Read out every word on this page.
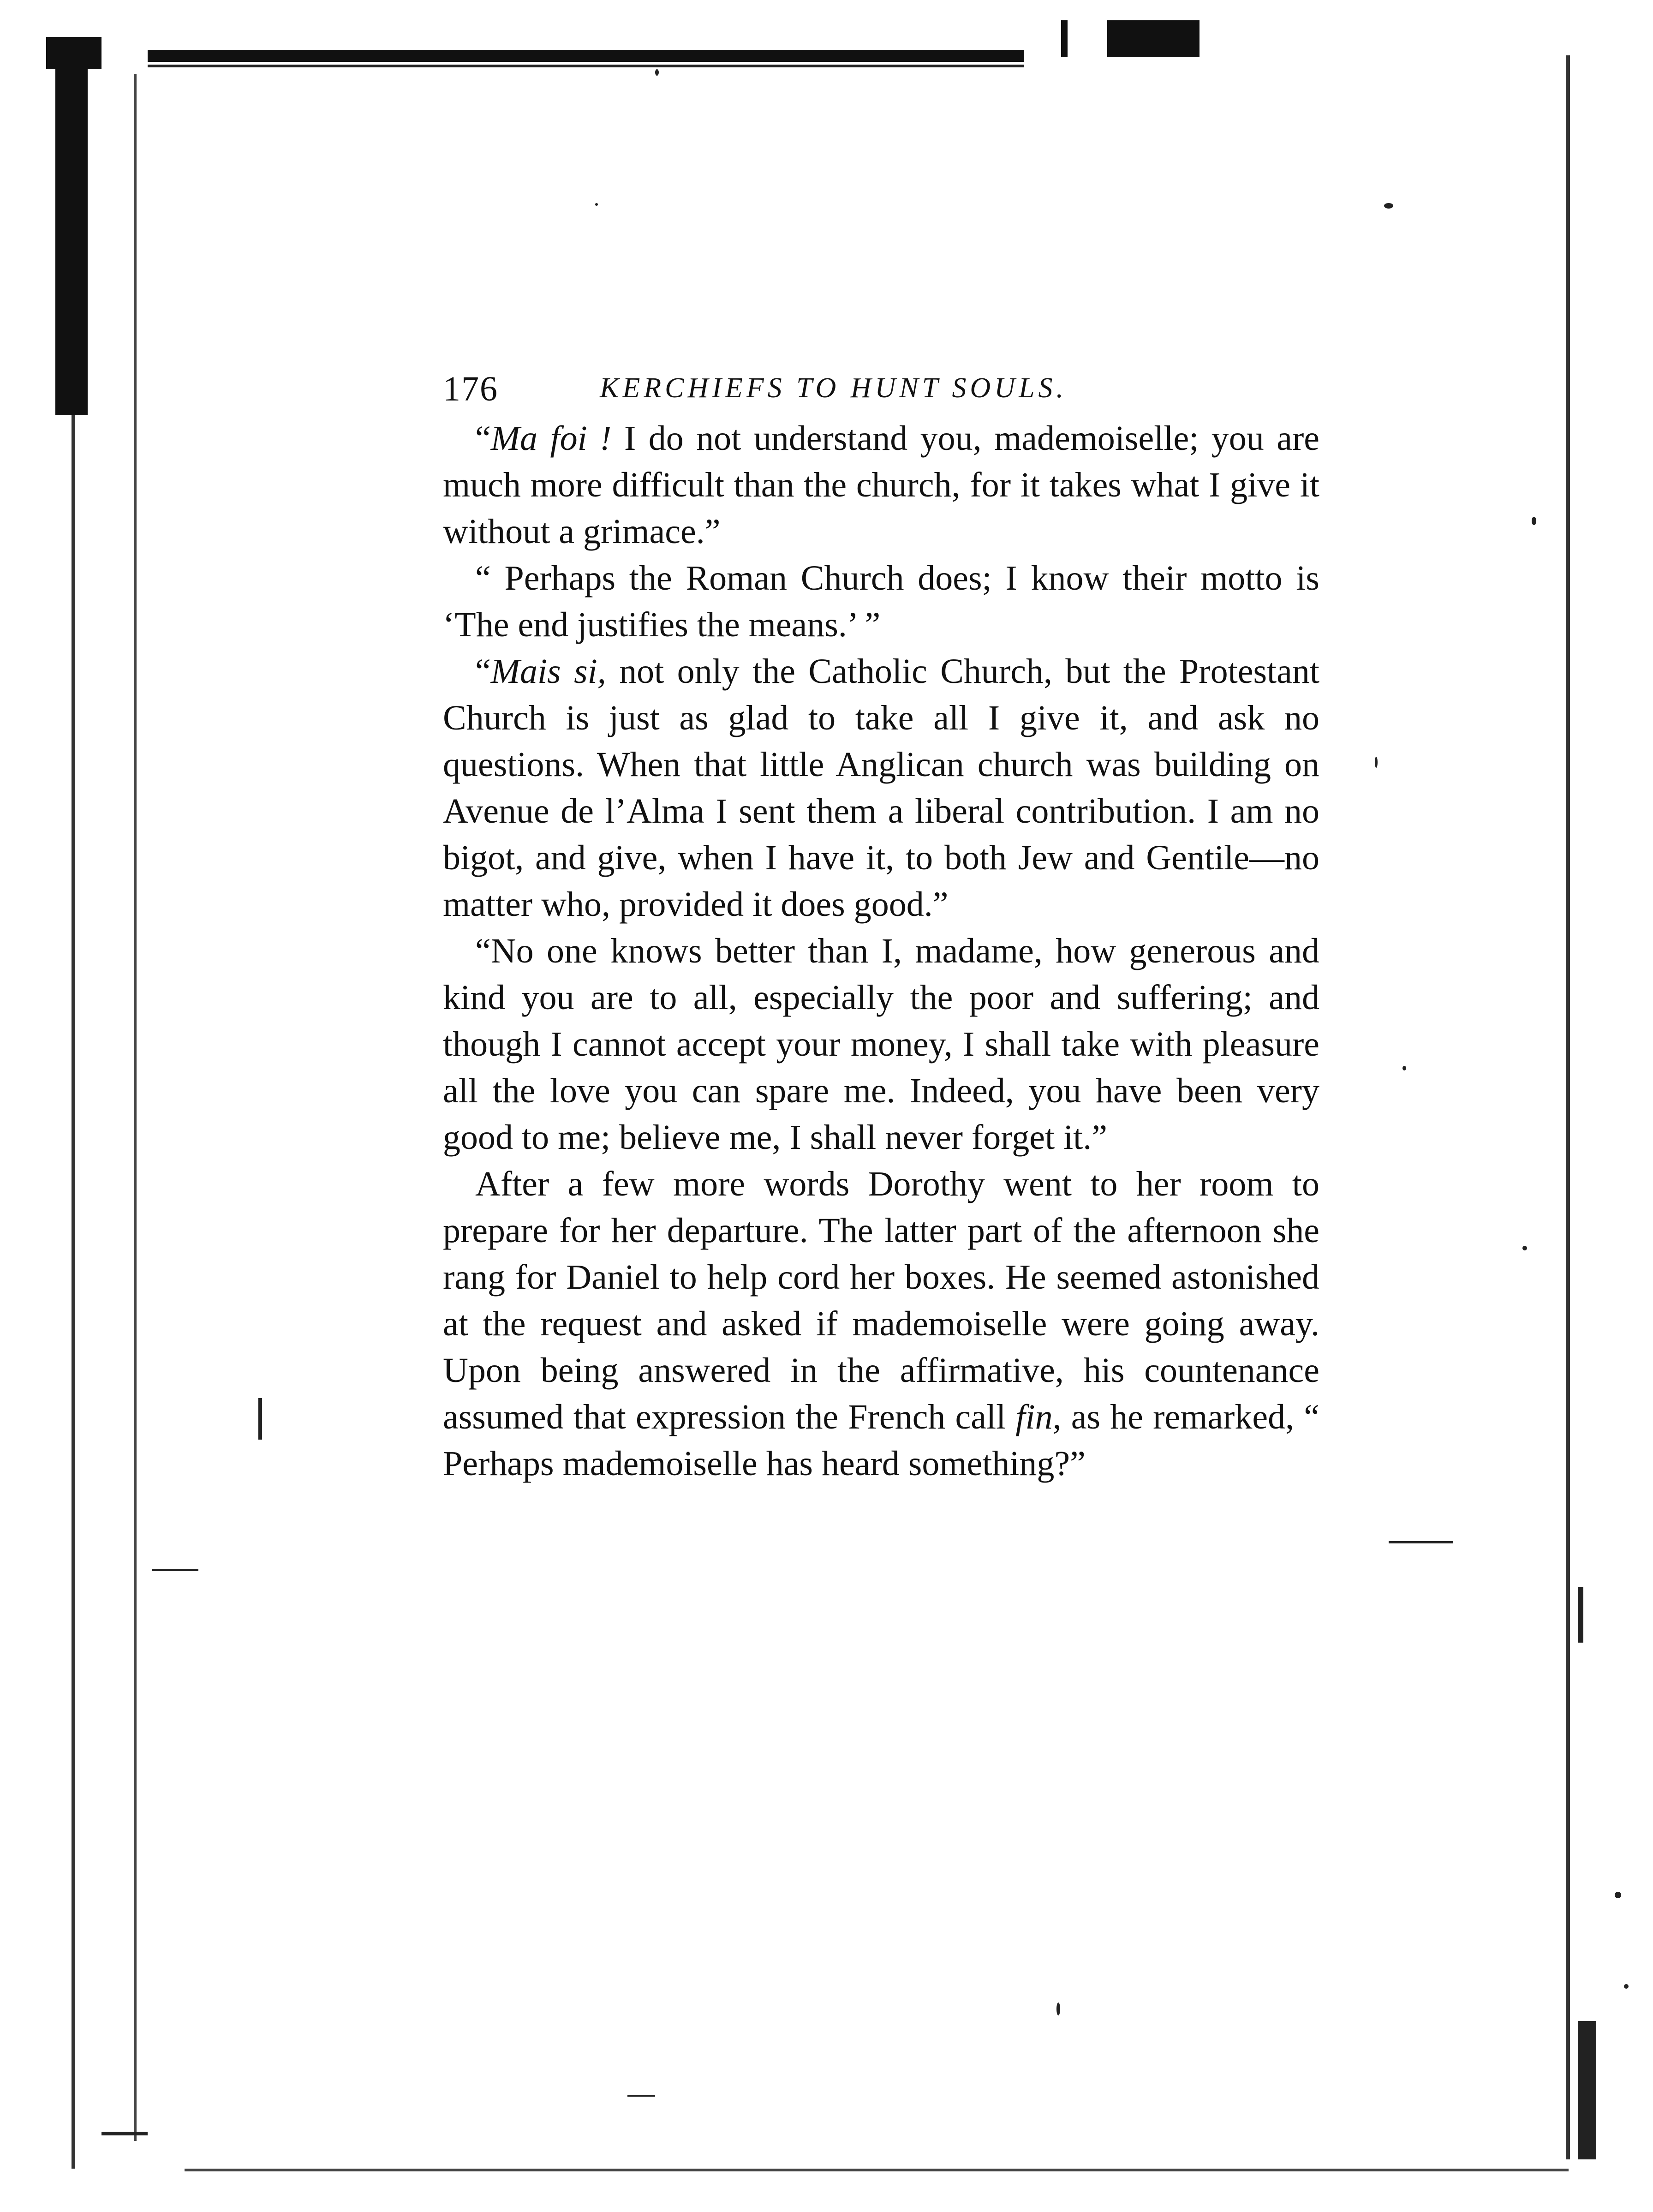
176	KERCHIEFS TO HUNT SOULS.

“Ma foi ! I do not understand you, mademoiselle; you are much more difficult than the church, for it takes what I give it without a grimace.”

“ Perhaps the Roman Church does; I know their motto is ‘The end justifies the means.’ ”

“Mais si, not only the Catholic Church, but the Protestant Church is just as glad to take all I give it, and ask no questions. When that little Anglican church was building on Avenue de l’Alma I sent them a liberal contribution. I am no bigot, and give, when I have it, to both Jew and Gentile—no matter who, provided it does good.”

“No one knows better than I, madame, how generous and kind you are to all, especially the poor and suffering; and though I cannot accept your money, I shall take with pleasure all the love you can spare me. Indeed, you have been very good to me; believe me, I shall never forget it.”

After a few more words Dorothy went to her room to prepare for her departure. The latter part of the afternoon she rang for Daniel to help cord her boxes. He seemed astonished at the request and asked if mademoiselle were going away. Upon being answered in the affirmative, his countenance assumed that expression the French call fin, as he remarked, “ Perhaps mademoiselle has heard something?”
